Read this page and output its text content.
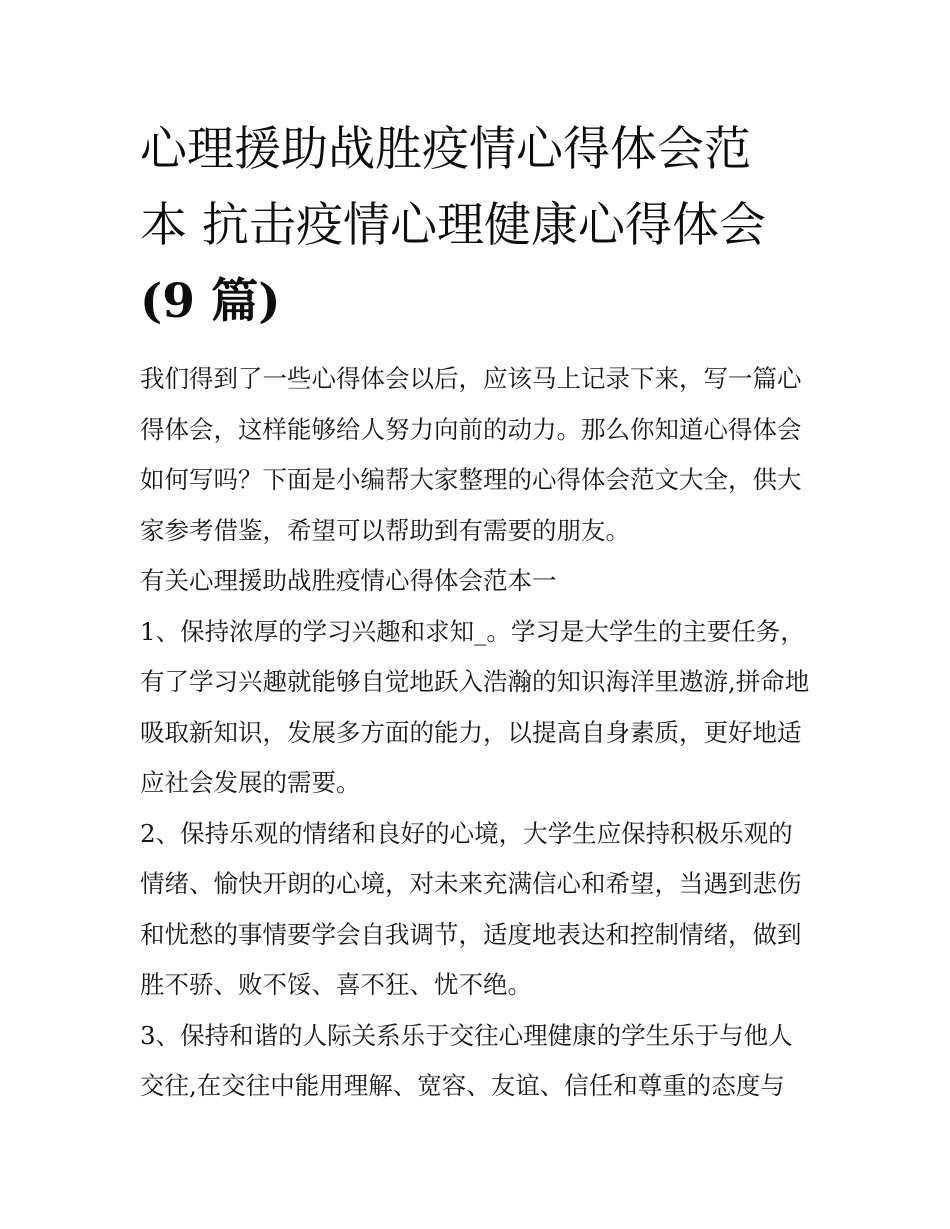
心理援助战胜疫情心得体会范
本 抗击疫情心理健康心得体会
(9 篇)

我们得到了一些心得体会以后，应该马上记录下来，写一篇心得体会，这样能够给人努力向前的动力。那么你知道心得体会如何写吗？下面是小编帮大家整理的心得体会范文大全，供大家参考借鉴，希望可以帮助到有需要的朋友。

有关心理援助战胜疫情心得体会范本一

1、保持浓厚的学习兴趣和求知_。学习是大学生的主要任务，有了学习兴趣就能够自觉地跃入浩瀚的知识海洋里遨游,拼命地吸取新知识，发展多方面的能力，以提高自身素质，更好地适应社会发展的需要。

2、保持乐观的情绪和良好的心境，大学生应保持积极乐观的情绪、愉快开朗的心境，对未来充满信心和希望，当遇到悲伤和忧愁的事情要学会自我调节，适度地表达和控制情绪，做到胜不骄、败不馁、喜不狂、忧不绝。

3、保持和谐的人际关系乐于交往心理健康的学生乐于与他人交往,在交往中能用理解、宽容、友谊、信任和尊重的态度与
